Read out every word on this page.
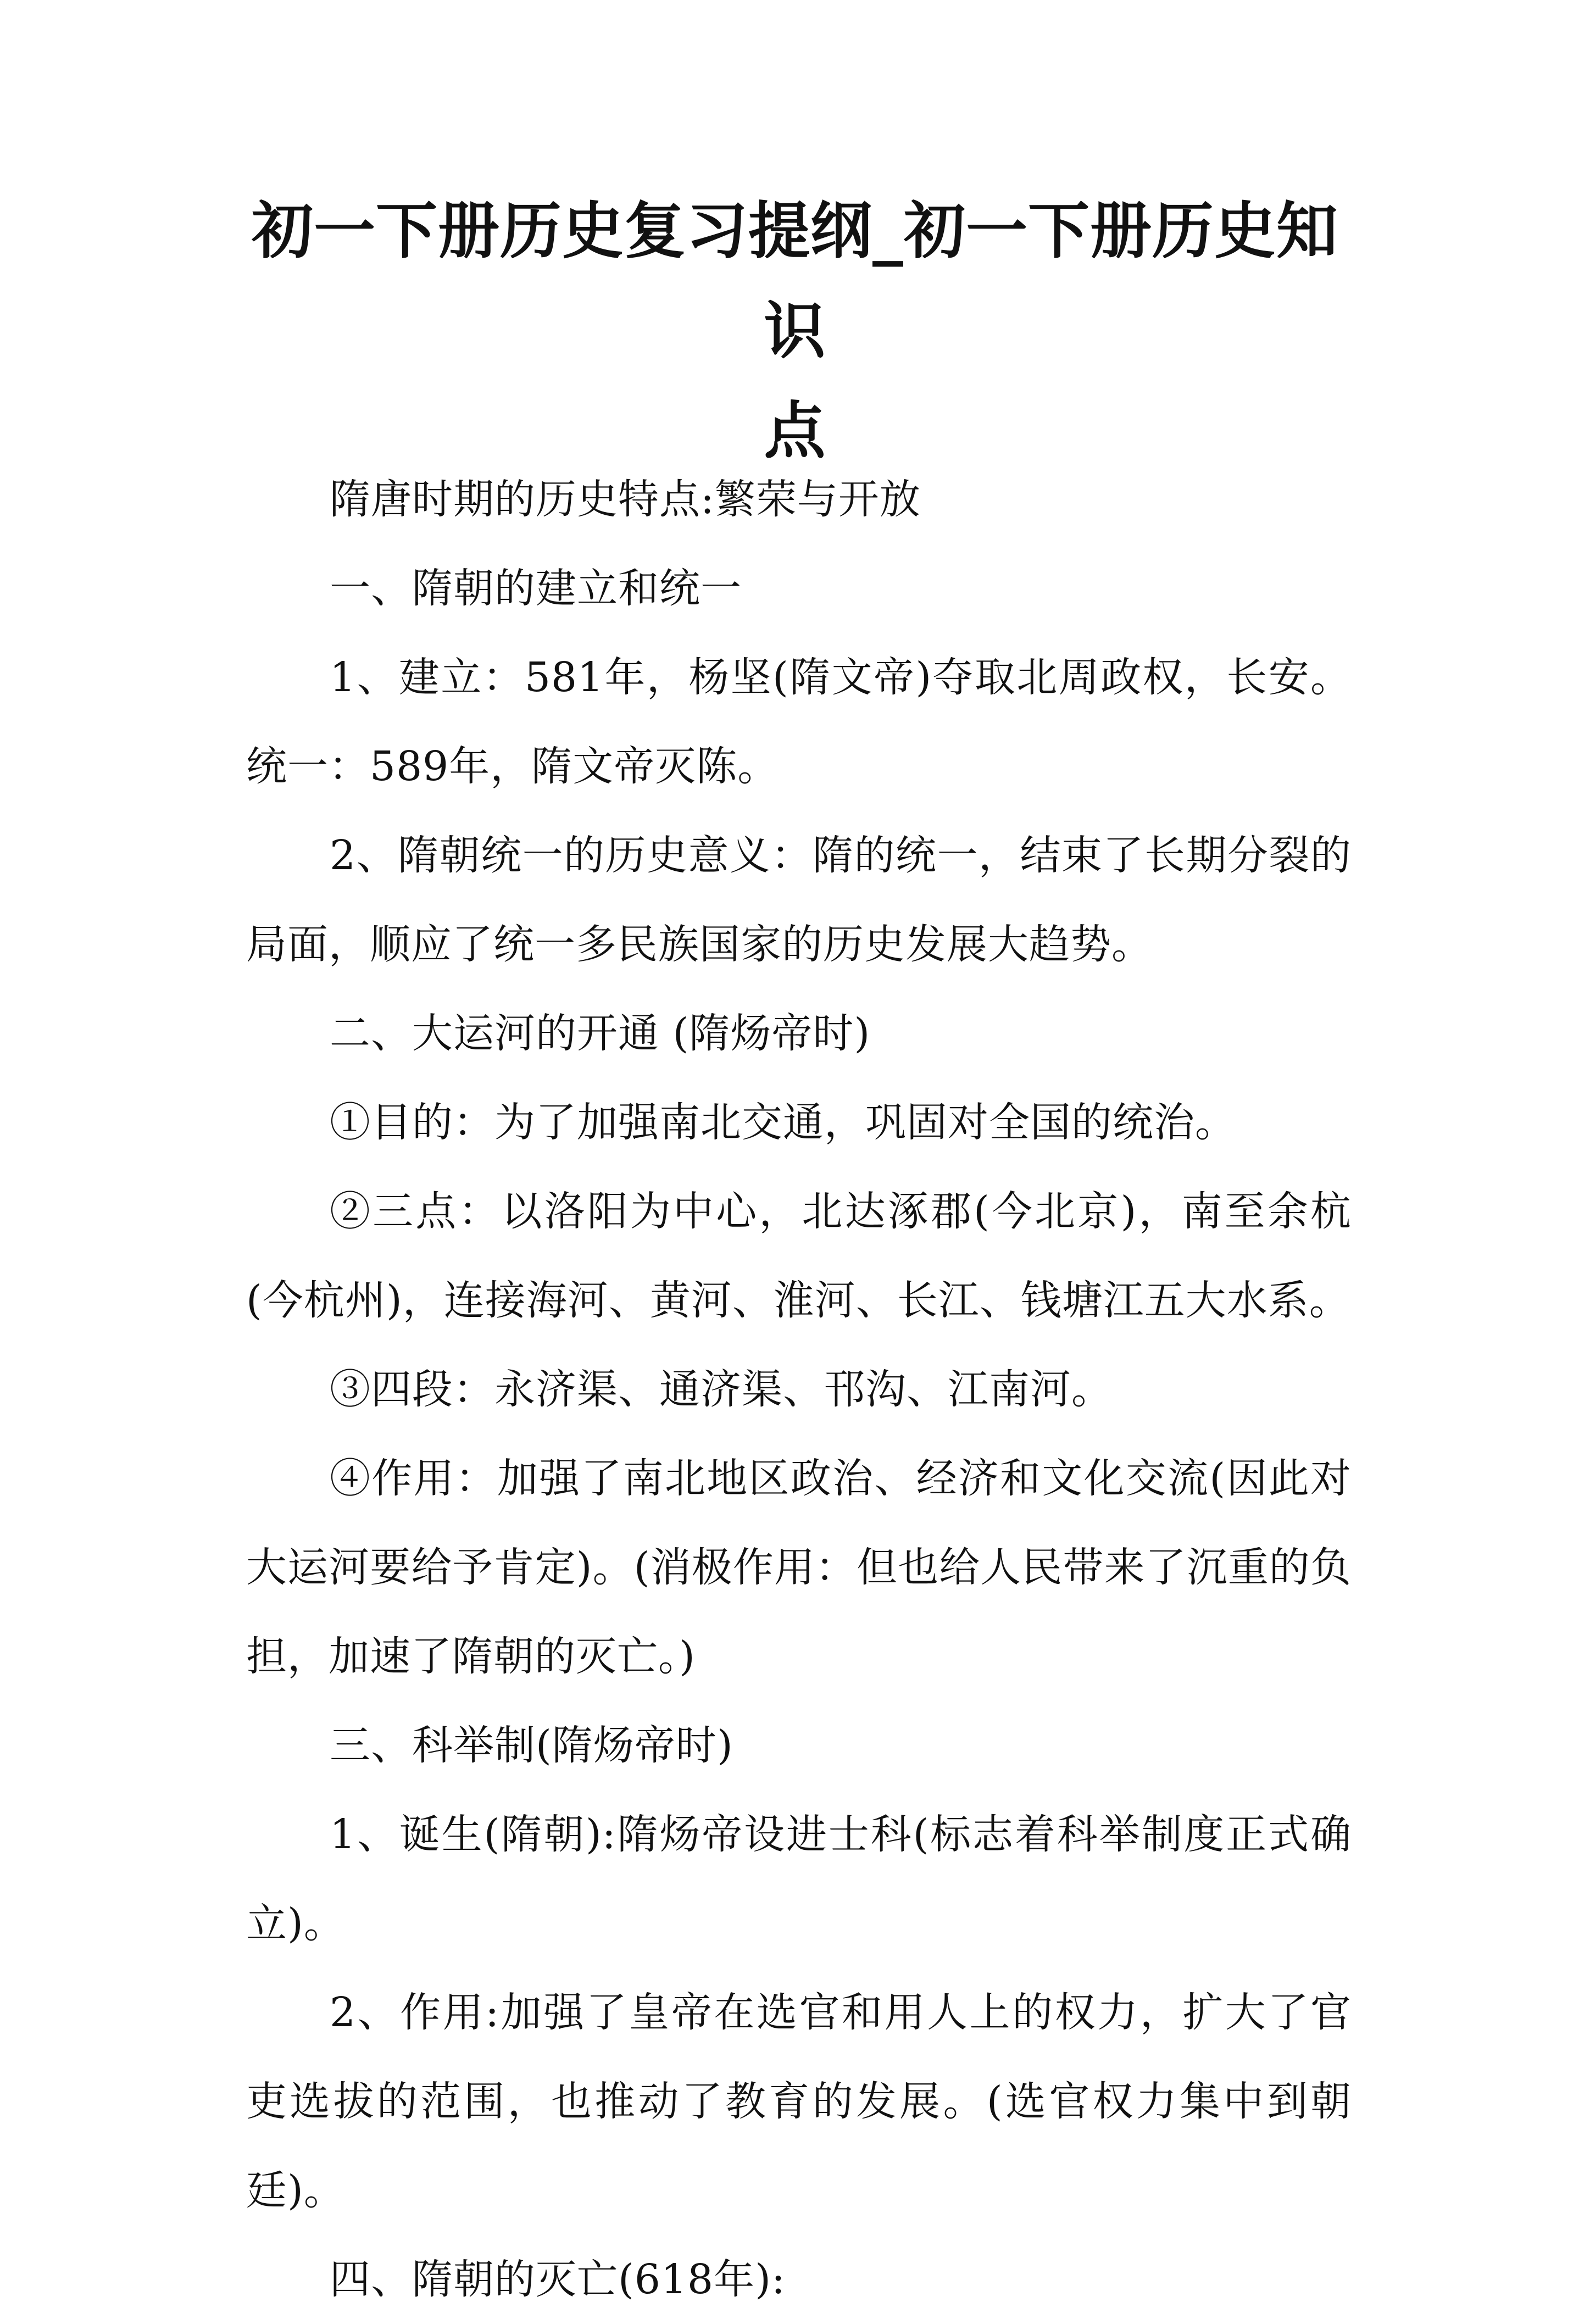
初一下册历史复习提纲_初一下册历史知识
点

隋唐时期的历史特点:繁荣与开放

一、隋朝的建立和统一

1、建立：581年，杨坚(隋文帝)夺取北周政权，长安。统一：589年，隋文帝灭陈。

2、隋朝统一的历史意义：隋的统一，结束了长期分裂的局面，顺应了统一多民族国家的历史发展大趋势。

二、大运河的开通 (隋炀帝时)

①目的：为了加强南北交通，巩固对全国的统治。

②三点：以洛阳为中心，北达涿郡(今北京)，南至余杭(今杭州)，连接海河、黄河、淮河、长江、钱塘江五大水系。

③四段：永济渠、通济渠、邗沟、江南河。

④作用：加强了南北地区政治、经济和文化交流(因此对大运河要给予肯定)。(消极作用：但也给人民带来了沉重的负担，加速了隋朝的灭亡。)

三、科举制(隋炀帝时)

1、诞生(隋朝):隋炀帝设进士科(标志着科举制度正式确立)。

2、作用:加强了皇帝在选官和用人上的权力，扩大了官吏选拔的范围，也推动了教育的发展。(选官权力集中到朝廷)。

四、隋朝的灭亡(618年):
